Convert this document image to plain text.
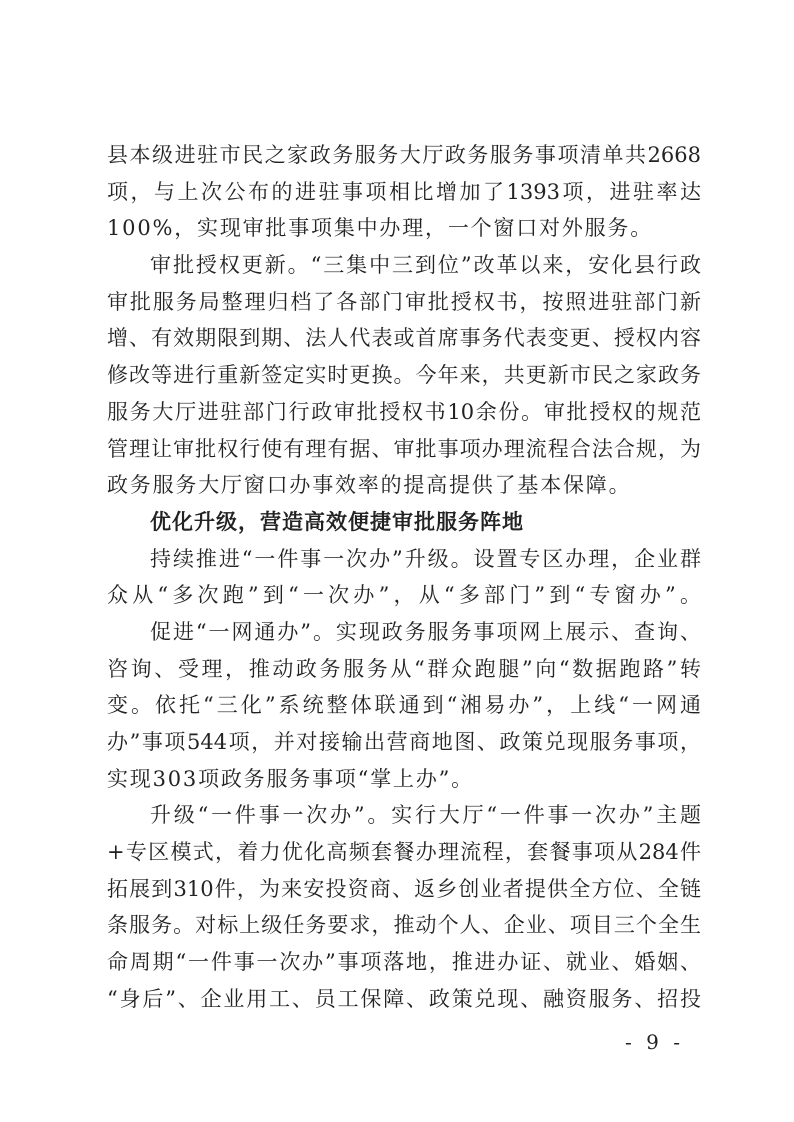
县本级进驻市民之家政务服务大厅政务服务事项清单共2668
项，与上次公布的进驻事项相比增加了1393项，进驻率达
100%，实现审批事项集中办理，一个窗口对外服务。
审批授权更新。“三集中三到位”改革以来，安化县行政
审批服务局整理归档了各部门审批授权书，按照进驻部门新
增、有效期限到期、法人代表或首席事务代表变更、授权内容
修改等进行重新签定实时更换。今年来，共更新市民之家政务
服务大厅进驻部门行政审批授权书10余份。审批授权的规范
管理让审批权行使有理有据、审批事项办理流程合法合规，为
政务服务大厅窗口办事效率的提高提供了基本保障。
优化升级，营造高效便捷审批服务阵地
持续推进“一件事一次办”升级。设置专区办理，企业群
众从“多次跑”到“一次办”，从“多部门”到“专窗办”。
促进“一网通办”。实现政务服务事项网上展示、查询、
咨询、受理，推动政务服务从“群众跑腿”向“数据跑路”转
变。依托“三化”系统整体联通到“湘易办”，上线“一网通
办”事项544项，并对接输出营商地图、政策兑现服务事项，
实现303项政务服务事项“掌上办”。
升级“一件事一次办”。实行大厅“一件事一次办”主题
+专区模式，着力优化高频套餐办理流程，套餐事项从284件
拓展到310件，为来安投资商、返乡创业者提供全方位、全链
条服务。对标上级任务要求，推动个人、企业、项目三个全生
命周期“一件事一次办”事项落地，推进办证、就业、婚姻、
“身后”、企业用工、员工保障、政策兑现、融资服务、招投
- 9 -
